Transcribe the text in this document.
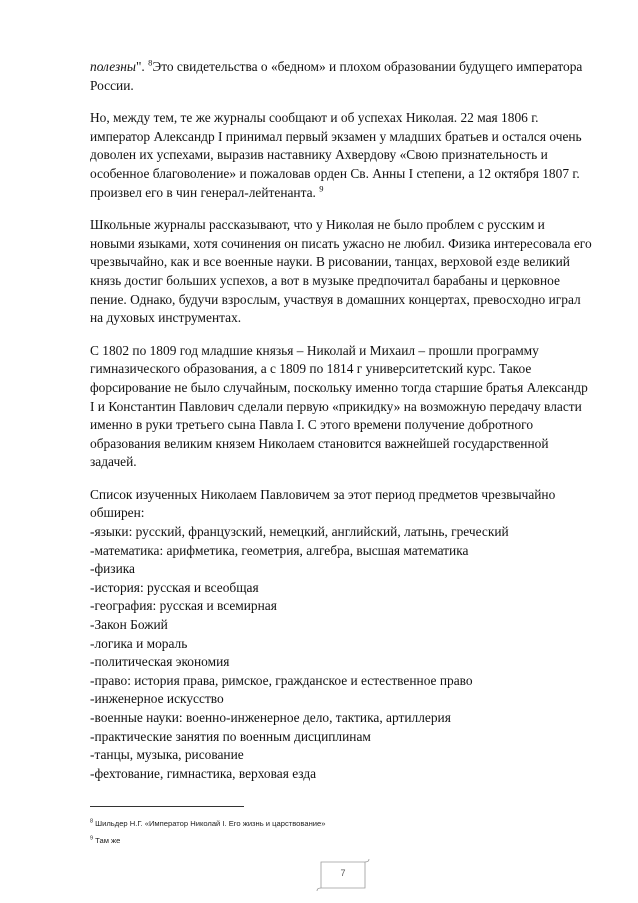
полезны". $^8$Это свидетельства о «бедном» и плохом образовании будущего императора России.

Но, между тем, те же журналы сообщают и об успехах Николая. 22 мая 1806 г. император Александр I принимал первый экзамен у младших братьев и остался очень доволен их успехами, выразив наставнику Ахвердову «Свою признательность и особенное благоволение» и пожаловав орден Св. Анны I степени, а 12 октября 1807 г. произвел его в чин генерал-лейтенанта. $^9$

Школьные журналы рассказывают, что у Николая не было проблем с русским и новыми языками, хотя сочинения он писать ужасно не любил. Физика интересовала его чрезвычайно, как и все военные науки. В рисовании, танцах, верховой езде великий князь достиг больших успехов, а вот в музыке предпочитал барабаны и церковное пение. Однако, будучи взрослым, участвуя в домашних концертах, превосходно играл на духовых инструментах.

С 1802 по 1809 год младшие князья – Николай и Михаил – прошли программу гимназического образования, а с 1809 по 1814 г университетский курс. Такое форсирование не было случайным, поскольку именно тогда старшие братья Александр I и Константин Павлович сделали первую «прикидку» на возможную передачу власти именно в руки третьего сына Павла I. С этого времени получение добротного образования великим князем Николаем становится важнейшей государственной задачей.

Список изученных Николаем Павловичем за этот период предметов чрезвычайно обширен:

-языки: русский, французский, немецкий, английский, латынь, греческий
-математика: арифметика, геометрия, алгебра, высшая математика
-физика
-история: русская и всеобщая
-география: русская и всемирная
-Закон Божий
-логика и мораль
-политическая экономия
-право: история права, римское, гражданское и естественное право
-инженерное искусство
-военные науки: военно-инженерное дело, тактика, артиллерия
-практические занятия по военным дисциплинам
-танцы, музыка, рисование
-фехтование, гимнастика, верховая езда

$^8$ Шильдер Н.Г. «Император Николай I. Его жизнь и царствование»
$^9$ Там же
7
